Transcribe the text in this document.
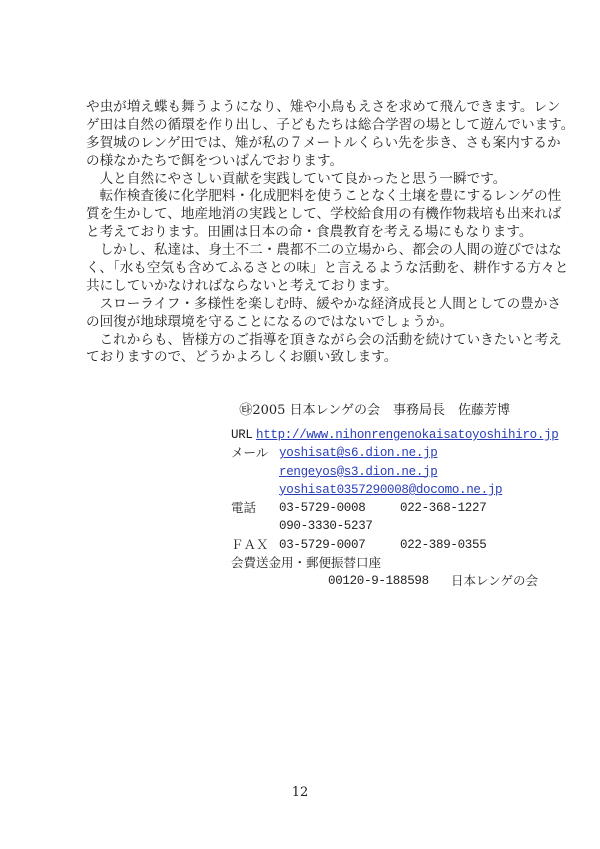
や虫が増え蝶も舞うようになり、雉や小鳥もえさを求めて飛んできます。レン
ゲ田は自然の循環を作り出し、子どもたちは総合学習の場として遊んでいます。
多賀城のレンゲ田では、雉が私の７メートルくらい先を歩き、さも案内するか
の様なかたちで餌をついばんでおります。
　人と自然にやさしい貢献を実践していて良かったと思う一瞬です。
　転作検査後に化学肥料・化成肥料を使うことなく土壌を豊にするレンゲの性
質を生かして、地産地消の実践として、学校給食用の有機作物栽培も出来れば
と考えております。田圃は日本の命・食農教育を考える場にもなります。
　しかし、私達は、身土不二・農都不二の立場から、都会の人間の遊びではな
く、「水も空気も含めてふるさとの味」と言えるような活動を、耕作する方々と
共にしていかなければならないと考えております。
　スローライフ・多様性を楽しむ時、緩やかな経済成長と人間としての豊かさ
の回復が地球環境を守ることになるのではないでしょうか。
　これからも、皆様方のご指導を頂きながら会の活動を続けていきたいと考え
ておりますので、どうかよろしくお願い致します。
㉹2005 日本レンゲの会　事務局長　佐藤芳博
URL http://www.nihonrengenokaisatoyoshihiro.jp
メール yoshisat@s6.dion.ne.jp
rengeyos@s3.dion.ne.jp
yoshisat0357290008@docomo.ne.jp
電話 03-5729-0008	022-368-1227
090-3330-5237
ＦＡＸ 03-5729-0007	022-389-0355
会費送金用・郵便振替口座
00120-9-188598 日本レンゲの会
12
